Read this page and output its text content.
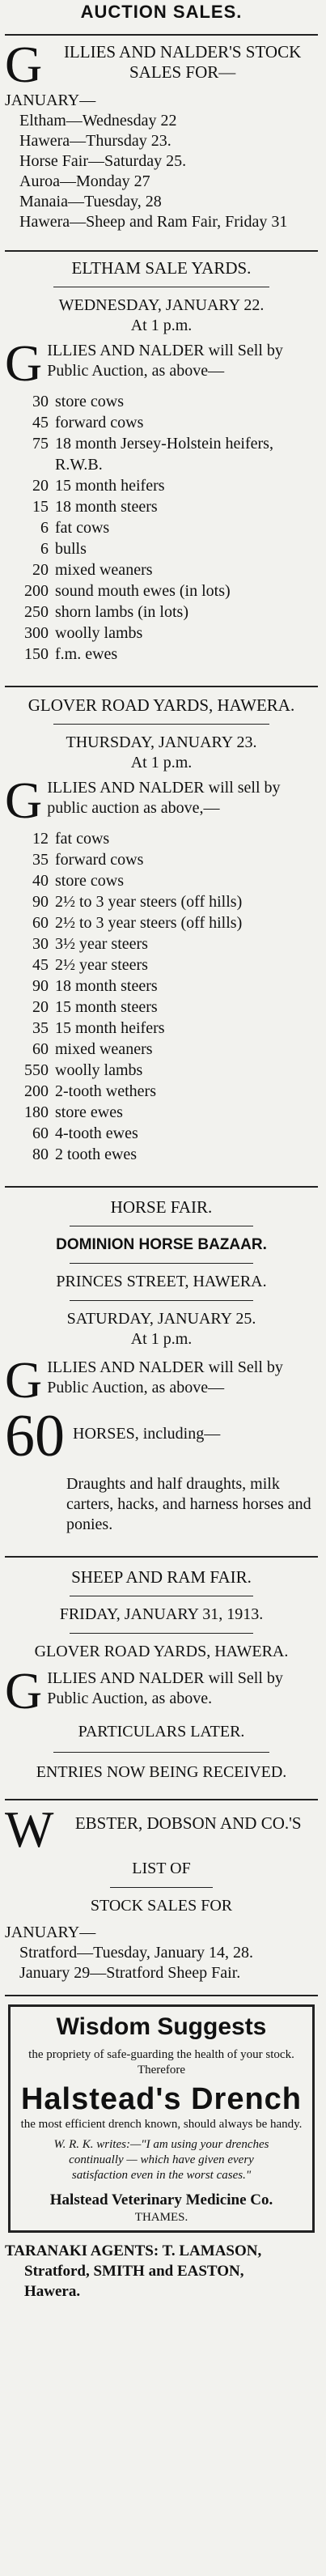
AUCTION SALES.
G	ILLIES AND NALDER'S STOCK SALES FOR—

JANUARY—

Eltham—Wednesday 22

Hawera—Thursday 23.

Horse Fair—Saturday 25.

Auroa—Monday 27

Manaia—Tuesday, 28

Hawera—Sheep and Ram Fair, Friday 31

ELTHAM SALE YARDS.

WEDNESDAY, JANUARY 22.

At 1 p.m.

G ILLIES AND NALDER will Sell by Public Auction, as above—

30 store cows
45 forward cows
75 18 month Jersey-Holstein heifers, R.W.B.
20 15 month heifers
15 18 month steers
6 fat cows
6 bulls
20 mixed weaners
200 sound mouth ewes (in lots)
250 shorn lambs (in lots)
300 woolly lambs
150 f.m. ewes

GLOVER ROAD YARDS, HAWERA.

THURSDAY, JANUARY 23.

At 1 p.m.

G ILLIES AND NALDER will sell by public auction as above,—

12 fat cows
35 forward cows
40 store cows
90 2½ to 3 year steers (off hills)
60 2½ to 3 year steers (off hills)
30 3½ year steers
45 2½ year steers
90 18 month steers
20 15 month steers
35 15 month heifers
60 mixed weaners
550 woolly lambs
200 2-tooth wethers
180 store ewes
60 4-tooth ewes
80 2 tooth ewes

HORSE FAIR.

DOMINION HORSE BAZAAR.

PRINCES STREET, HAWERA.

SATURDAY, JANUARY 25.

At 1 p.m.

G ILLIES AND NALDER will Sell by Public Auction, as above—

60 HORSES, including—

Draughts and half draughts, milk carters, hacks, and harness horses and ponies.

SHEEP AND RAM FAIR.

FRIDAY, JANUARY 31, 1913.

GLOVER ROAD YARDS, HAWERA.

G ILLIES AND NALDER will Sell by Public Auction, as above.

PARTICULARS LATER.

ENTRIES NOW BEING RECEIVED.

W	EBSTER, DOBSON AND CO.'S

LIST OF

STOCK SALES FOR

JANUARY—

Stratford—Tuesday, January 14, 28.

January 29—Stratford Sheep Fair.

Wisdom Suggests

the propriety of safe-guarding the health of your stock. Therefore

Halstead's Drench

the most efficient drench known, should always be handy.

W. R. K. writes:—"I am using your drenches continually — which have given every satisfaction even in the worst cases."

Halstead Veterinary Medicine Co.

THAMES.

TARANAKI AGENTS: T. LAMASON,

Stratford, SMITH and EASTON,

Hawera.
